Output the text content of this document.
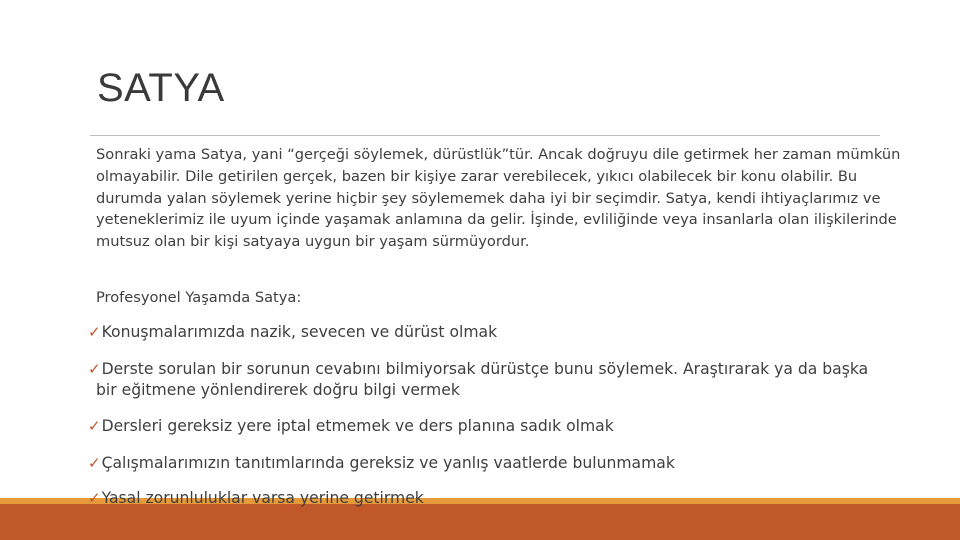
SATYA

Sonraki yama Satya, yani “gerçeği söylemek, dürüstlük”tür. Ancak doğruyu dile getirmek her zaman mümkün olmayabilir. Dile getirilen gerçek, bazen bir kişiye zarar verebilecek, yıkıcı olabilecek bir konu olabilir. Bu durumda yalan söylemek yerine hiçbir şey söylememek daha iyi bir seçimdir. Satya, kendi ihtiyaçlarımız ve yeteneklerimiz ile uyum içinde yaşamak anlamına da gelir. İşinde, evliliğinde veya insanlarla olan ilişkilerinde mutsuz olan bir kişi satyaya uygun bir yaşam sürmüyordur.

Profesyonel Yaşamda Satya:

✓Konuşmalarımızda nazik, sevecen ve dürüst olmak

✓Derste sorulan bir sorunun cevabını bilmiyorsak dürüstçe bunu söylemek. Araştırarak ya da başka
bir eğitmene yönlendirerek doğru bilgi vermek

✓Dersleri gereksiz yere iptal etmemek ve ders planına sadık olmak

✓Çalışmalarımızın tanıtımlarında gereksiz ve yanlış vaatlerde bulunmamak

✓Yasal zorunluluklar varsa yerine getirmek
